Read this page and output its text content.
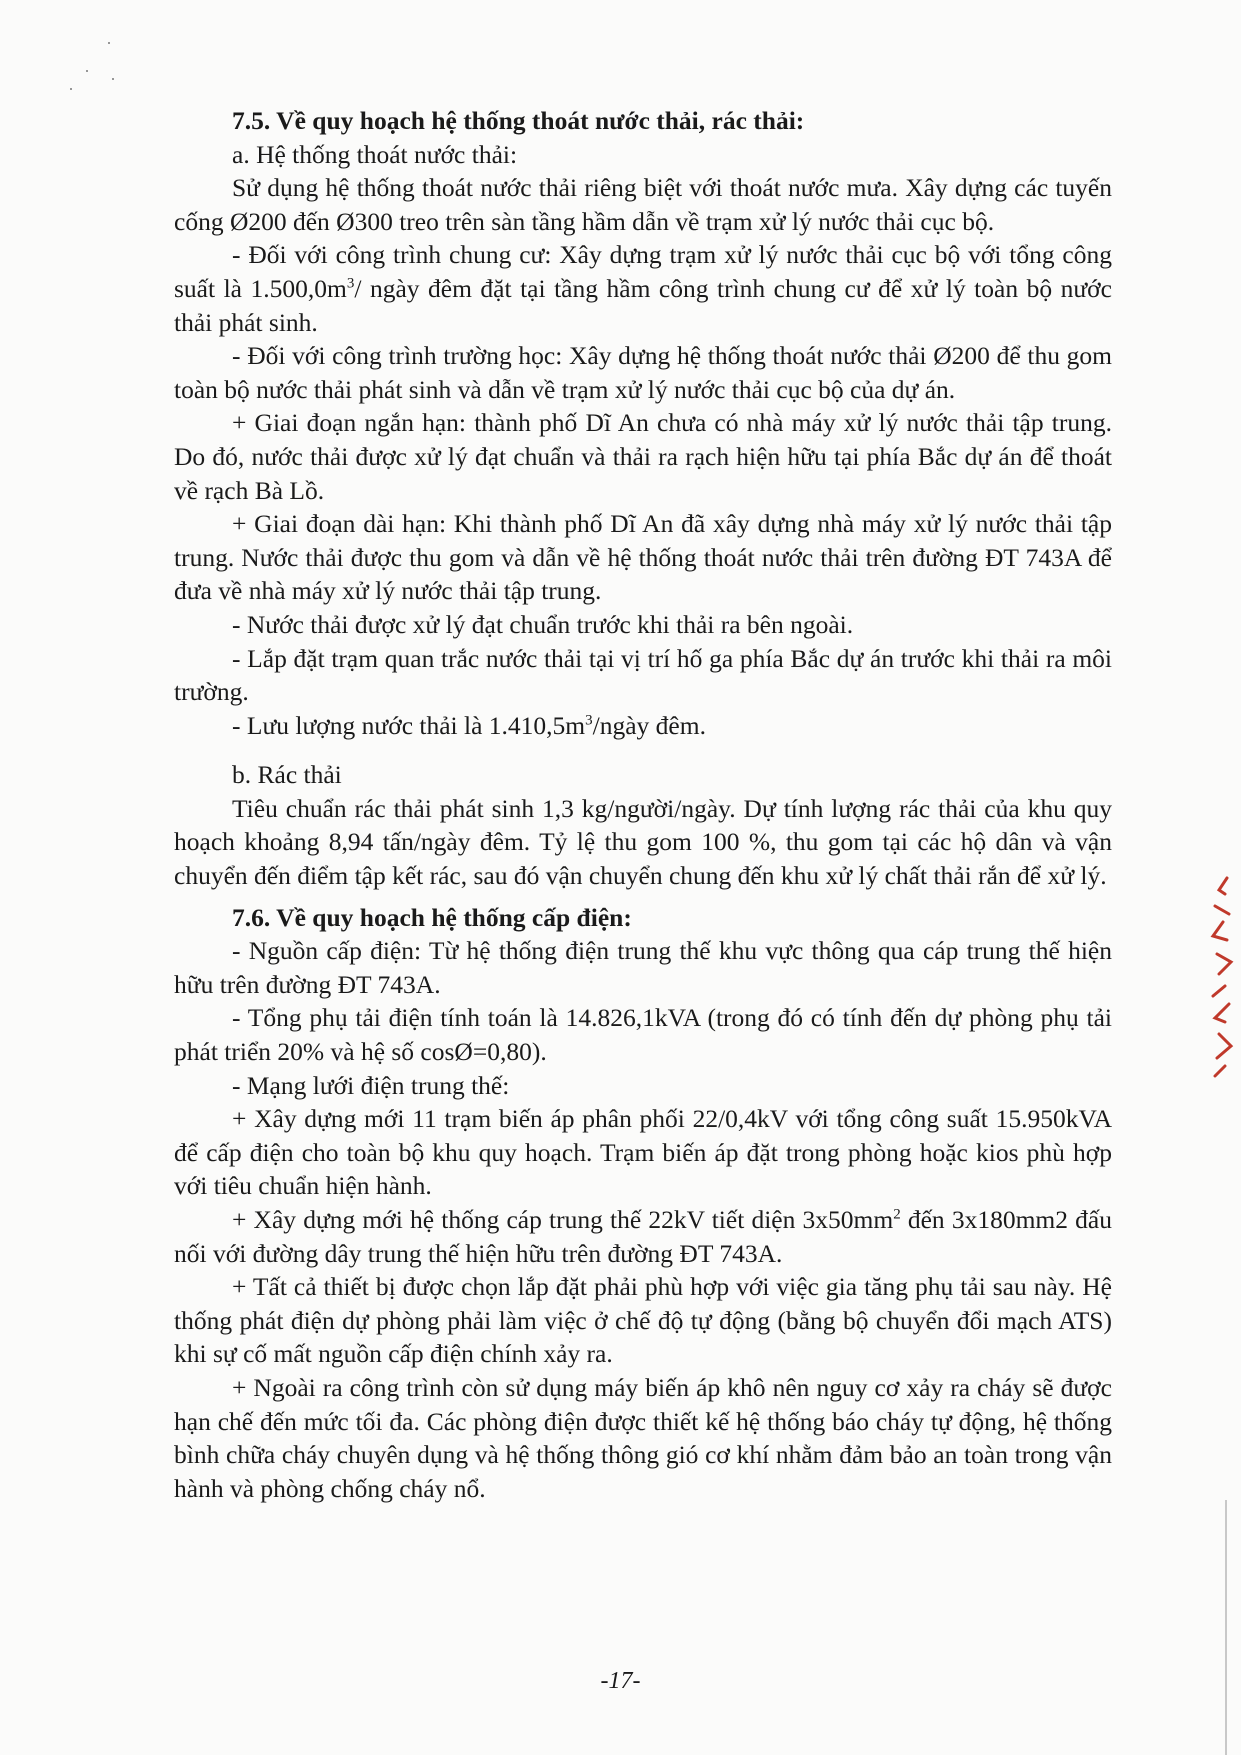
7.5. Về quy hoạch hệ thống thoát nước thải, rác thải:

a. Hệ thống thoát nước thải:

Sử dụng hệ thống thoát nước thải riêng biệt với thoát nước mưa. Xây dựng các tuyến cống Ø200 đến Ø300 treo trên sàn tầng hầm dẫn về trạm xử lý nước thải cục bộ.

- Đối với công trình chung cư: Xây dựng trạm xử lý nước thải cục bộ với tổng công suất là $1.500,0m^3/$ ngày đêm đặt tại tầng hầm công trình chung cư để xử lý toàn bộ nước thải phát sinh.

- Đối với công trình trường học: Xây dựng hệ thống thoát nước thải Ø200 để thu gom toàn bộ nước thải phát sinh và dẫn về trạm xử lý nước thải cục bộ của dự án.

+ Giai đoạn ngắn hạn: thành phố Dĩ An chưa có nhà máy xử lý nước thải tập trung. Do đó, nước thải được xử lý đạt chuẩn và thải ra rạch hiện hữu tại phía Bắc dự án để thoát về rạch Bà Lồ.

+ Giai đoạn dài hạn: Khi thành phố Dĩ An đã xây dựng nhà máy xử lý nước thải tập trung. Nước thải được thu gom và dẫn về hệ thống thoát nước thải trên đường ĐT 743A để đưa về nhà máy xử lý nước thải tập trung.

- Nước thải được xử lý đạt chuẩn trước khi thải ra bên ngoài.

- Lắp đặt trạm quan trắc nước thải tại vị trí hố ga phía Bắc dự án trước khi thải ra môi trường.

- Lưu lượng nước thải là $1.410,5m^3$/ngày đêm.

b. Rác thải

Tiêu chuẩn rác thải phát sinh 1,3 kg/người/ngày. Dự tính lượng rác thải của khu quy hoạch khoảng 8,94 tấn/ngày đêm. Tỷ lệ thu gom 100 %, thu gom tại các hộ dân và vận chuyển đến điểm tập kết rác, sau đó vận chuyển chung đến khu xử lý chất thải rắn để xử lý.

7.6. Về quy hoạch hệ thống cấp điện:

- Nguồn cấp điện: Từ hệ thống điện trung thế khu vực thông qua cáp trung thế hiện hữu trên đường ĐT 743A.

- Tổng phụ tải điện tính toán là 14.826,1kVA (trong đó có tính đến dự phòng phụ tải phát triển 20% và hệ số cosØ=0,80).

- Mạng lưới điện trung thế:

+ Xây dựng mới 11 trạm biến áp phân phối 22/0,4kV với tổng công suất 15.950kVA để cấp điện cho toàn bộ khu quy hoạch. Trạm biến áp đặt trong phòng hoặc kios phù hợp với tiêu chuẩn hiện hành.

+ Xây dựng mới hệ thống cáp trung thế 22kV tiết diện $3x50mm^2$ đến 3x180mm2 đấu nối với đường dây trung thế hiện hữu trên đường ĐT 743A.

+ Tất cả thiết bị được chọn lắp đặt phải phù hợp với việc gia tăng phụ tải sau này. Hệ thống phát điện dự phòng phải làm việc ở chế độ tự động (bằng bộ chuyển đổi mạch ATS) khi sự cố mất nguồn cấp điện chính xảy ra.

+ Ngoài ra công trình còn sử dụng máy biến áp khô nên nguy cơ xảy ra cháy sẽ được hạn chế đến mức tối đa. Các phòng điện được thiết kế hệ thống báo cháy tự động, hệ thống bình chữa cháy chuyên dụng và hệ thống thông gió cơ khí nhằm đảm bảo an toàn trong vận hành và phòng chống cháy nổ.

-17-
